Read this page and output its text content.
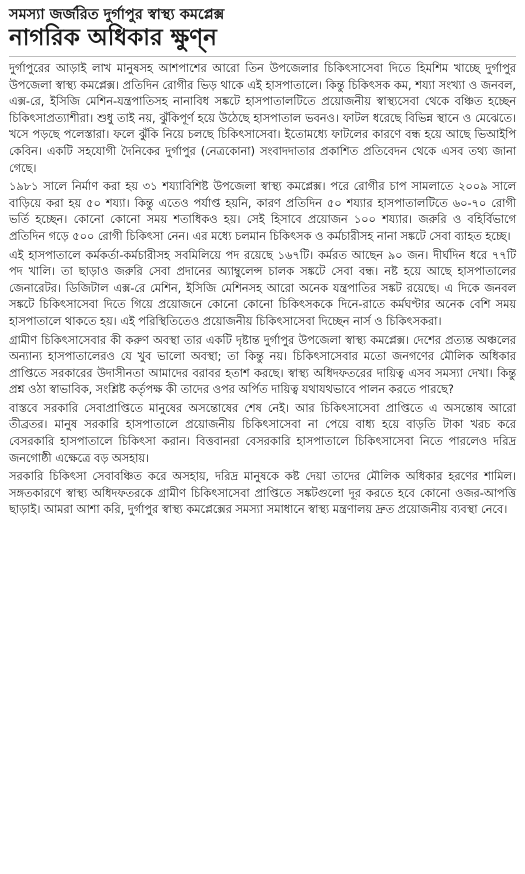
সমস্যা জর্জরিত দুর্গাপুর স্বাস্থ্য কমপ্লেক্স
নাগরিক অধিকার ক্ষুণ্ন

দুর্গাপুরের আড়াই লাখ মানুষসহ আশপাশের আরো তিন উপজেলার চিকিৎসাসেবা দিতে হিমশিম খাচ্ছে দুর্গাপুর উপজেলা স্বাস্থ্য কমপ্লেক্স। প্রতিদিন রোগীর ভিড় থাকে এই হাসপাতালে। কিন্তু চিকিৎসক কম, শয্যা সংখ্যা ও জনবল, এক্স-রে, ইসিজি মেশিন-যন্ত্রপাতিসহ নানাবিধ সঙ্কটে হাসপাতালটিতে প্রয়োজনীয় স্বাস্থ্যসেবা থেকে বঞ্চিত হচ্ছেন চিকিৎসাপ্রত্যাশীরা। শুধু তাই নয়, ঝুঁকিপূর্ণ হয়ে উঠেছে হাসপাতাল ভবনও। ফাটল ধরেছে বিভিন্ন স্থানে ও মেঝেতে। খসে পড়ছে পলেস্তারা। ফলে ঝুঁকি নিয়ে চলছে চিকিৎসাসেবা। ইতোমধ্যে ফাটলের কারণে বন্ধ হয়ে আছে ভিআইপি কেবিন। একটি সহযোগী দৈনিকের দুর্গাপুর (নেত্রকোনা) সংবাদদাতার প্রকাশিত প্রতিবেদন থেকে এসব তথ্য জানা গেছে।

১৯৮১ সালে নির্মাণ করা হয় ৩১ শয্যাবিশিষ্ট উপজেলা স্বাস্থ্য কমপ্লেক্স। পরে রোগীর চাপ সামলাতে ২০০৯ সালে বাড়িয়ে করা হয় ৫০ শয্যা। কিন্তু এতেও পর্যাপ্ত হয়নি, কারণ প্রতিদিন ৫০ শয্যার হাসপাতালটিতে ৬০-৭০ রোগী ভর্তি হচ্ছেন। কোনো কোনো সময় শতাধিকও হয়। সেই হিসাবে প্রয়োজন ১০০ শয্যার। জরুরি ও বহির্বিভাগে প্রতিদিন গড়ে ৫০০ রোগী চিকিৎসা নেন। এর মধ্যে চলমান চিকিৎসক ও কর্মচারীসহ নানা সঙ্কটে সেবা ব্যাহত হচ্ছে।

এই হাসপাতালে কর্মকর্তা-কর্মচারীসহ সবমিলিয়ে পদ রয়েছে ১৬৭টি। কর্মরত আছেন ৯০ জন। দীর্ঘদিন ধরে ৭৭টি পদ খালি। তা ছাড়াও জরুরি সেবা প্রদানের অ্যাম্বুলেন্স চালক সঙ্কটে সেবা বন্ধ। নষ্ট হয়ে আছে হাসপাতালের জেনারেটর। ডিজিটাল এক্স-রে মেশিন, ইসিজি মেশিনসহ আরো অনেক যন্ত্রপাতির সঙ্কট রয়েছে। এ দিকে জনবল সঙ্কটে চিকিৎসাসেবা দিতে গিয়ে প্রয়োজনে কোনো কোনো চিকিৎসককে দিনে-রাতে কর্মঘণ্টার অনেক বেশি সময় হাসপাতালে থাকতে হয়। এই পরিস্থিতিতেও প্রয়োজনীয় চিকিৎসাসেবা দিচ্ছেন নার্স ও চিকিৎসকরা।

গ্রামীণ চিকিৎসাসেবার কী করুণ অবস্থা তার একটি দৃষ্টান্ত দুর্গাপুর উপজেলা স্বাস্থ্য কমপ্লেক্স। দেশের প্রত্যন্ত অঞ্চলের অন্যান্য হাসপাতালেরও যে খুব ভালো অবস্থা; তা কিন্তু নয়। চিকিৎসাসেবার মতো জনগণের মৌলিক অধিকার প্রাপ্তিতে সরকারের উদাসীনতা আমাদের বরাবর হতাশ করছে। স্বাস্থ্য অধিদফতরের দায়িত্ব এসব সমস্যা দেখা। কিন্তু প্রশ্ন ওঠা স্বাভাবিক, সংশ্লিষ্ট কর্তৃপক্ষ কী তাদের ওপর অর্পিত দায়িত্ব যথাযথভাবে পালন করতে পারছে?

বাস্তবে সরকারি সেবাপ্রাপ্তিতে মানুষের অসন্তোষের শেষ নেই। আর চিকিৎসাসেবা প্রাপ্তিতে এ অসন্তোষ আরো তীব্রতর। মানুষ সরকারি হাসপাতালে প্রয়োজনীয় চিকিৎসাসেবা না পেয়ে বাধ্য হয়ে বাড়তি টাকা খরচ করে বেসরকারি হাসপাতালে চিকিৎসা করান। বিত্তবানরা বেসরকারি হাসপাতালে চিকিৎসাসেবা নিতে পারলেও দরিদ্র জনগোষ্ঠী এক্ষেত্রে বড় অসহায়।

সরকারি চিকিৎসা সেবাবঞ্চিত করে অসহায়, দরিদ্র মানুষকে কষ্ট দেয়া তাদের মৌলিক অধিকার হরণের শামিল। সঙ্গতকারণে স্বাস্থ্য অধিদফতরকে গ্রামীণ চিকিৎসাসেবা প্রাপ্তিতে সঙ্কটগুলো দূর করতে হবে কোনো ওজর-আপত্তি ছাড়াই। আমরা আশা করি, দুর্গাপুর স্বাস্থ্য কমপ্লেক্সের সমস্যা সমাধানে স্বাস্থ্য মন্ত্রণালয় দ্রুত প্রয়োজনীয় ব্যবস্থা নেবে।
